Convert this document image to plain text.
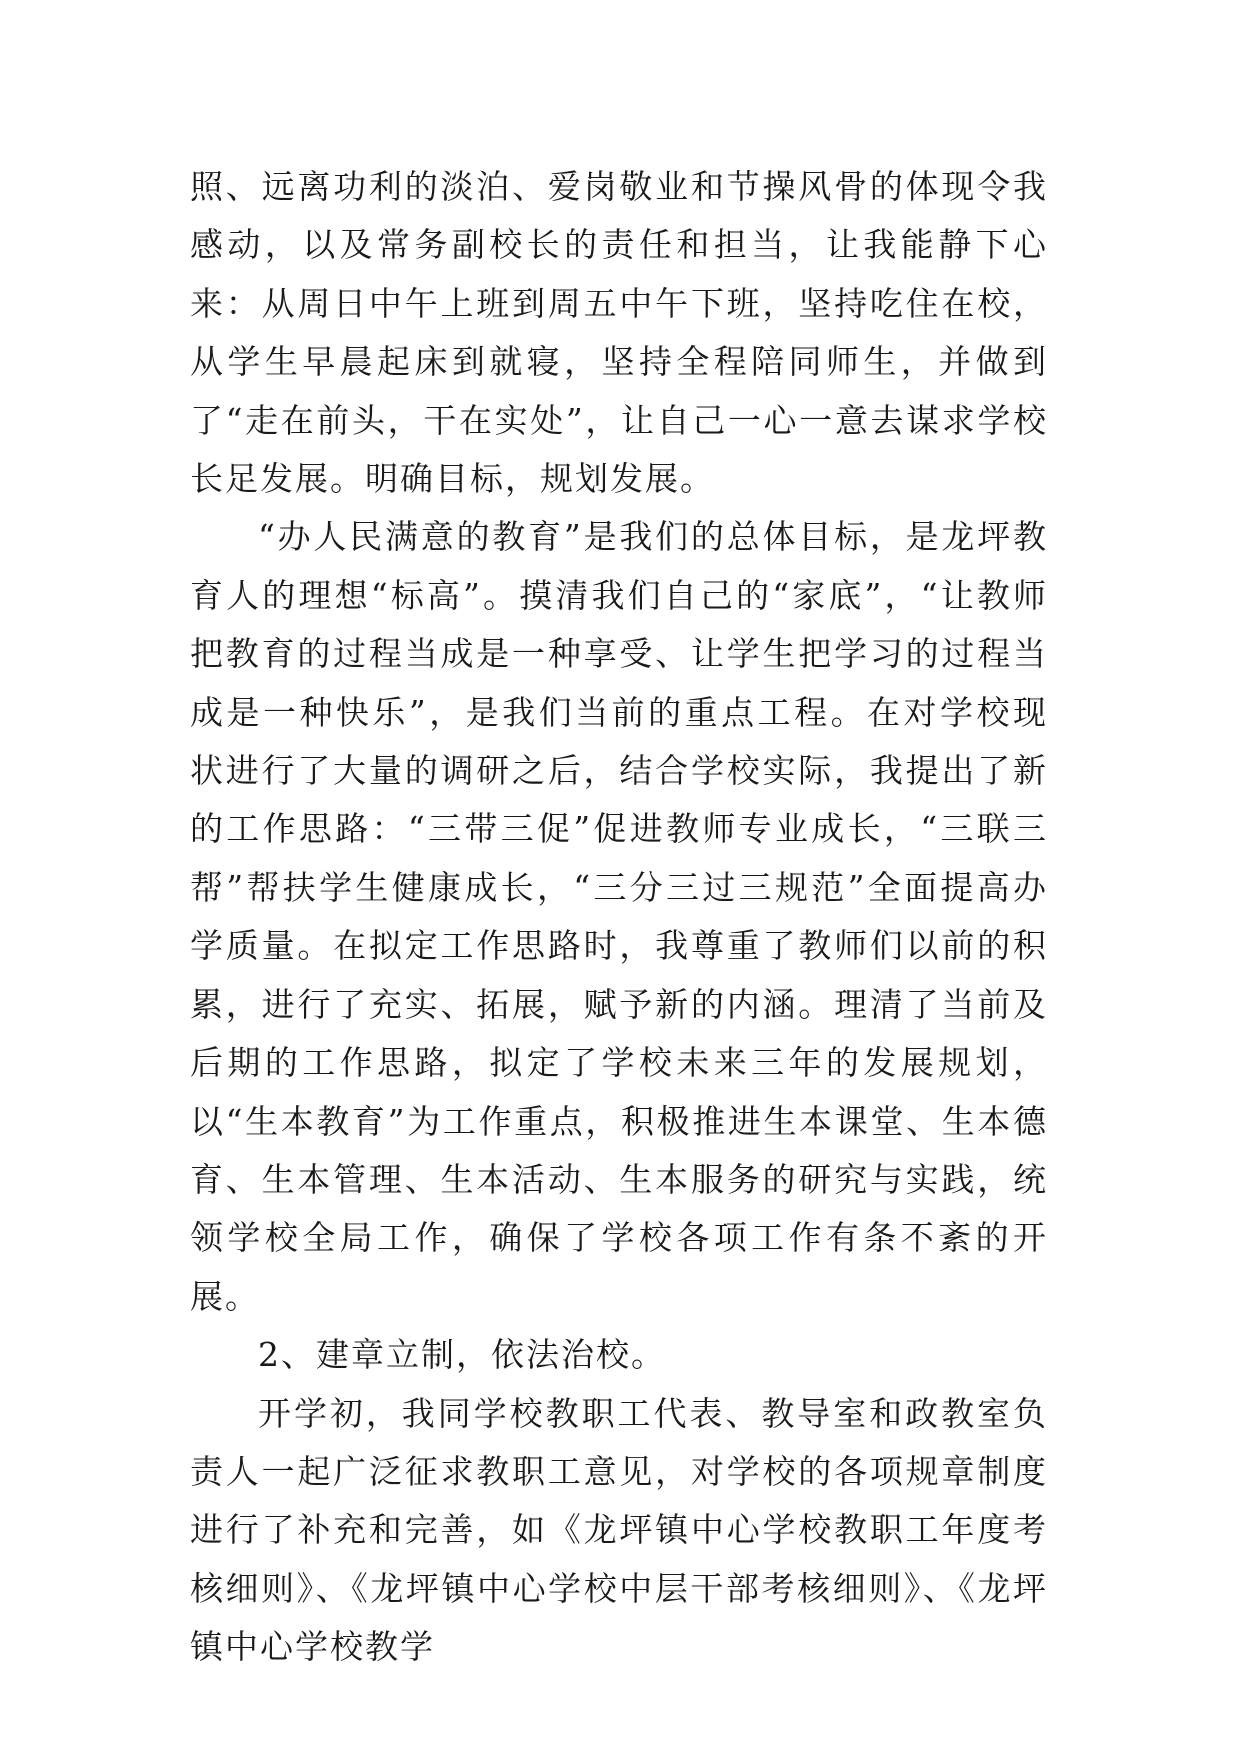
照、远离功利的淡泊、爱岗敬业和节操风骨的体现令我感动，以及常务副校长的责任和担当，让我能静下心来：从周日中午上班到周五中午下班，坚持吃住在校，从学生早晨起床到就寝，坚持全程陪同师生，并做到了“走在前头，干在实处”，让自己一心一意去谋求学校长足发展。明确目标，规划发展。

“办人民满意的教育”是我们的总体目标，是龙坪教育人的理想“标高”。摸清我们自己的“家底”，“让教师把教育的过程当成是一种享受、让学生把学习的过程当成是一种快乐”，是我们当前的重点工程。在对学校现状进行了大量的调研之后，结合学校实际，我提出了新的工作思路：“三带三促”促进教师专业成长，“三联三帮”帮扶学生健康成长，“三分三过三规范”全面提高办学质量。在拟定工作思路时，我尊重了教师们以前的积累，进行了充实、拓展，赋予新的内涵。理清了当前及后期的工作思路，拟定了学校未来三年的发展规划，以“生本教育”为工作重点，积极推进生本课堂、生本德育、生本管理、生本活动、生本服务的研究与实践，统领学校全局工作，确保了学校各项工作有条不紊的开展。

2、建章立制，依法治校。

开学初，我同学校教职工代表、教导室和政教室负责人一起广泛征求教职工意见，对学校的各项规章制度进行了补充和完善，如《龙坪镇中心学校教职工年度考核细则》、《龙坪镇中心学校中层干部考核细则》、《龙坪镇中心学校教学
